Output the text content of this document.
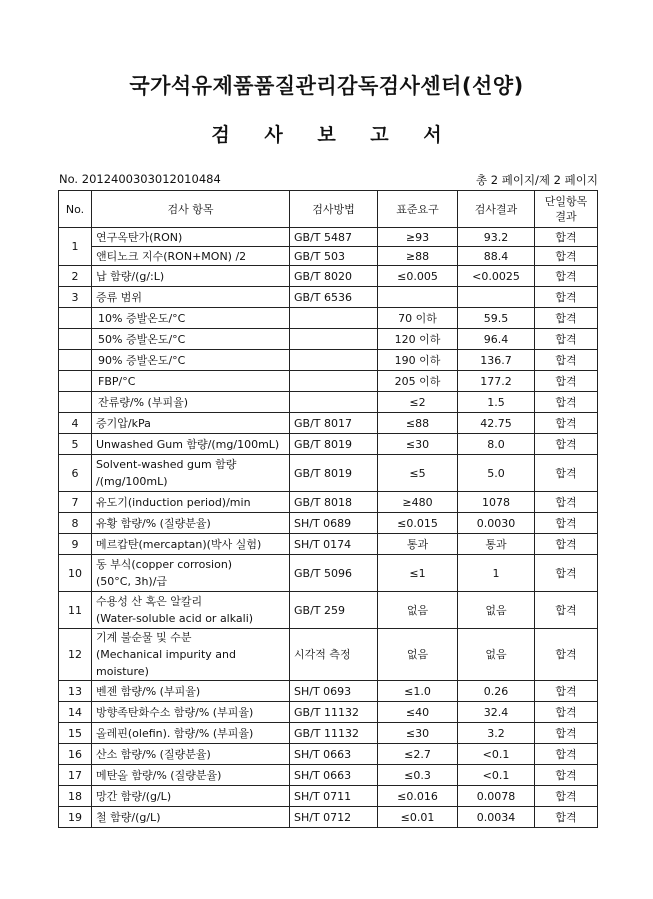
국가석유제품품질관리감독검사센터(선양)
검 사 보 고 서
No. 201240030301201048​4	총 2 페이지/제 2 페이지
No.	검사 항목	검사방법	표준요구	검사결과	단일항목 결과
1	연구옥탄가(RON)	GB/T 5487	≥93	93.2	합격
	앤티노크 지수(RON+MON) /2	GB/T 503	≥88	88.4	합격
2	납 함량/(g/:L)	GB/T 8020	≤0.005	<0.0025	합격
3	증류 범위	GB/T 6536			합격
	10% 증발온도/°C		70 이하	59.5	합격
	50% 증발온도/°C		120 이하	96.4	합격
	90% 증발온도/°C		190 이하	136.7	합격
	FBP/°C		205 이하	177.2	합격
	잔류량/% (부피율)		≤2	1.5	합격
4	증기압/kPa	GB/T 8017	≤88	42.75	합격
5	Unwashed Gum 함량/(mg/100mL)	GB/T 8019	≤30	8.0	합격
6	Solvent-washed gum 함량
/(mg/100mL)	GB/T 8019	≤5	5.0	합격
7	유도기(induction period)/min	GB/T 8018	≥480	1078	합격
8	유황 함량/% (질량분율)	SH/T 0689	≤0.015	0.0030	합격
9	메르캅탄(mercaptan)(박사 실험)	SH/T 0174	통과	통과	합격
10	동 부식(copper corrosion)
(50°C, 3h)/급	GB/T 5096	≤1	1	합격
11	수용성 산 혹은 알칼리
(Water-soluble acid or alkali)	GB/T 259	없음	없음	합격
12	기계 불순물 및 수분
(Mechanical impurity and moisture)	시각적 측정	없음	없음	합격
13	벤젠 함량/% (부피율)	SH/T 0693	≤1.0	0.26	합격
14	방향족탄화수소 함량/% (부피율)	GB/T 11132	≤40	32.4	합격
15	올레핀(olefin). 함량/% (부피율)	GB/T 11132	≤30	3.2	합격
16	산소 함량/% (질량분율)	SH/T 0663	≤2.7	<0.1	합격
17	메탄올 함량/% (질량분율)	SH/T 0663	≤0.3	<0.1	합격
18	망간 함량/(g/L)	SH/T 0711	≤0.016	0.0078	합격
19	철 함량/(g/L)	SH/T 0712	≤0.01	0.0034	합격
